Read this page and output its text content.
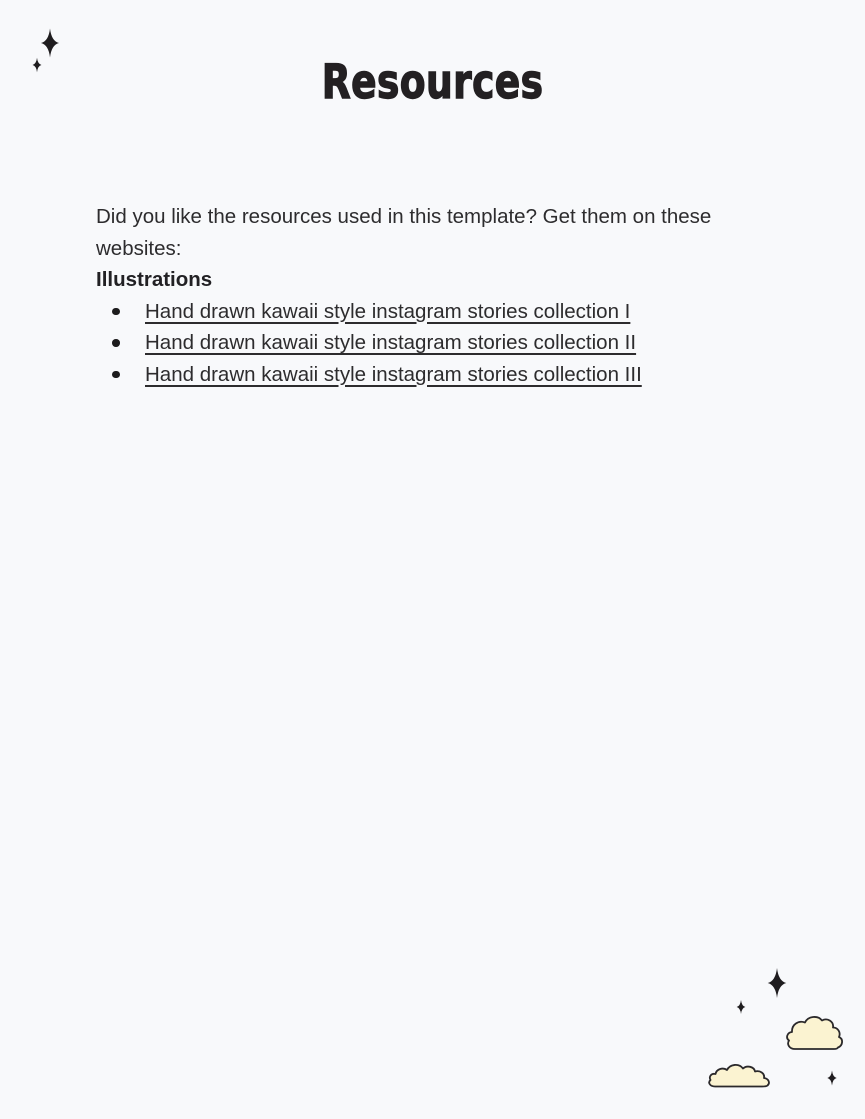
Resources

Did you like the resources used in this template? Get them on these
websites:

Illustrations
Hand drawn kawaii style instagram stories collection I
Hand drawn kawaii style instagram stories collection II
Hand drawn kawaii style instagram stories collection III
